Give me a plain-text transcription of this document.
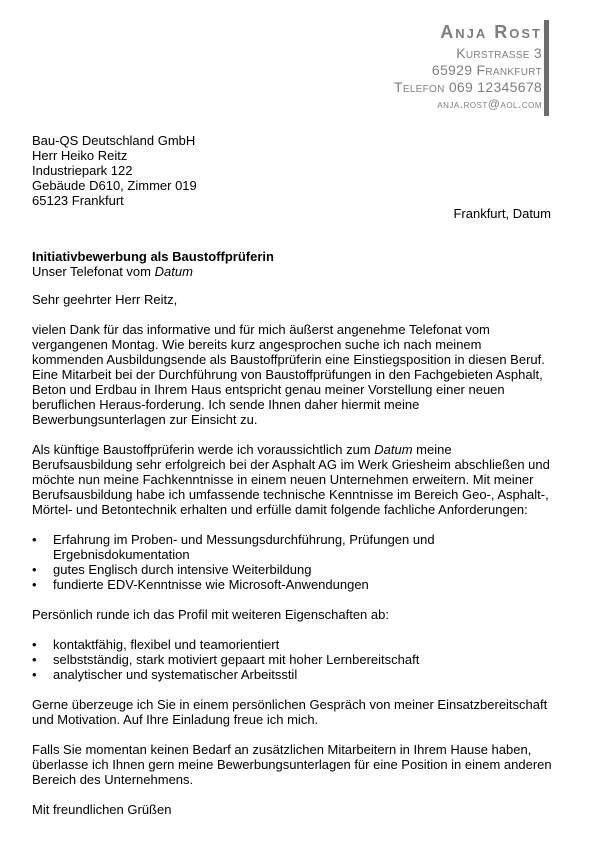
Anja Rost
Kurstrasse 3
65929 Frankfurt
Telefon 069 12345678
anja.rost@aol.com
Bau-QS Deutschland GmbH
Herr Heiko Reitz
Industriepark 122
Gebäude D610, Zimmer 019
65123 Frankfurt
Frankfurt, Datum
Initiativbewerbung als Baustoffprüferin
Unser Telefonat vom Datum

Sehr geehrter Herr Reitz,

vielen Dank für das informative und für mich äußerst angenehme Telefonat vom vergangenen Montag. Wie bereits kurz angesprochen suche ich nach meinem kommenden Ausbildungsende als Baustoffprüferin eine Einstiegsposition in diesen Beruf. Eine Mitarbeit bei der Durchführung von Baustoffprüfungen in den Fachgebieten Asphalt, Beton und Erdbau in Ihrem Haus entspricht genau meiner Vorstellung einer neuen beruflichen Heraus-forderung. Ich sende Ihnen daher hiermit meine Bewerbungsunterlagen zur Einsicht zu.

Als künftige Baustoffprüferin werde ich voraussichtlich zum Datum meine Berufsausbildung sehr erfolgreich bei der Asphalt AG im Werk Griesheim abschließen und möchte nun meine Fachkenntnisse in einem neuen Unternehmen erweitern. Mit meiner Berufsausbildung habe ich umfassende technische Kenntnisse im Bereich Geo-, Asphalt-, Mörtel- und Betontechnik erhalten und erfülle damit folgende fachliche Anforderungen:

• Erfahrung im Proben- und Messungsdurchführung, Prüfungen und Ergebnisdokumentation
• gutes Englisch durch intensive Weiterbildung
• fundierte EDV-Kenntnisse wie Microsoft-Anwendungen

Persönlich runde ich das Profil mit weiteren Eigenschaften ab:

• kontaktfähig, flexibel und teamorientiert
• selbstständig, stark motiviert gepaart mit hoher Lernbereitschaft
• analytischer und systematischer Arbeitsstil

Gerne überzeuge ich Sie in einem persönlichen Gespräch von meiner Einsatzbereitschaft und Motivation. Auf Ihre Einladung freue ich mich.

Falls Sie momentan keinen Bedarf an zusätzlichen Mitarbeitern in Ihrem Hause haben, überlasse ich Ihnen gern meine Bewerbungsunterlagen für eine Position in einem anderen Bereich des Unternehmens.

Mit freundlichen Grüßen
